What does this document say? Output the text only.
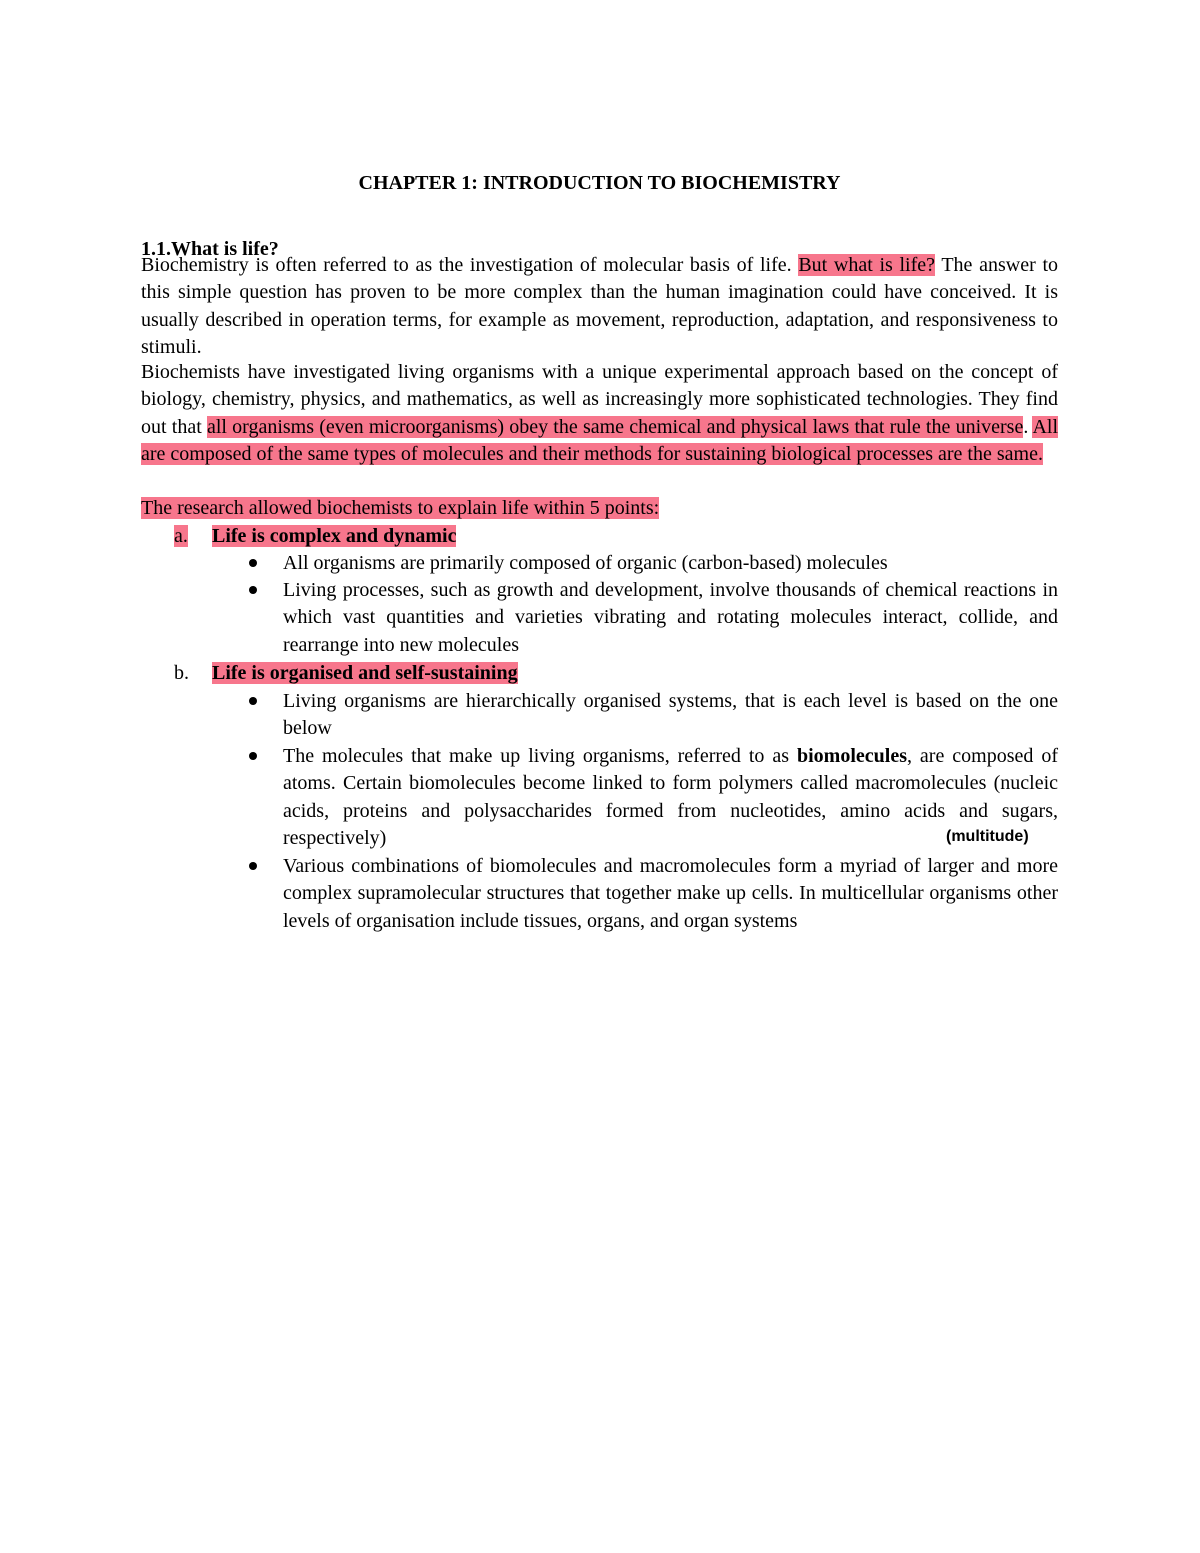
CHAPTER 1: INTRODUCTION TO BIOCHEMISTRY
1.1.What is life?
Biochemistry is often referred to as the investigation of molecular basis of life. But what is life? The answer to this simple question has proven to be more complex than the human imagination could have conceived. It is usually described in operation terms, for example as movement, reproduction, adaptation, and responsiveness to stimuli.
Biochemists have investigated living organisms with a unique experimental approach based on the concept of biology, chemistry, physics, and mathematics, as well as increasingly more sophisticated technologies. They find out that all organisms (even microorganisms) obey the same chemical and physical laws that rule the universe. All are composed of the same types of molecules and their methods for sustaining biological processes are the same.
The research allowed biochemists to explain life within 5 points:
a.	Life is complex and dynamic
All organisms are primarily composed of organic (carbon-based) molecules
Living processes, such as growth and development, involve thousands of chemical reactions in which vast quantities and varieties vibrating and rotating molecules interact, collide, and rearrange into new molecules
b. Life is organised and self-sustaining
Living organisms are hierarchically organised systems, that is each level is based on the one below
The molecules that make up living organisms, referred to as biomolecules, are composed of atoms. Certain biomolecules become linked to form polymers called macromolecules (nucleic acids, proteins and polysaccharides formed from nucleotides, amino acids and sugars, respectively)	(multitude)
Various combinations of biomolecules and macromolecules form a myriad of larger and more complex supramolecular structures that together make up cells. In multicellular organisms other levels of organisation include tissues, organs, and organ systems
